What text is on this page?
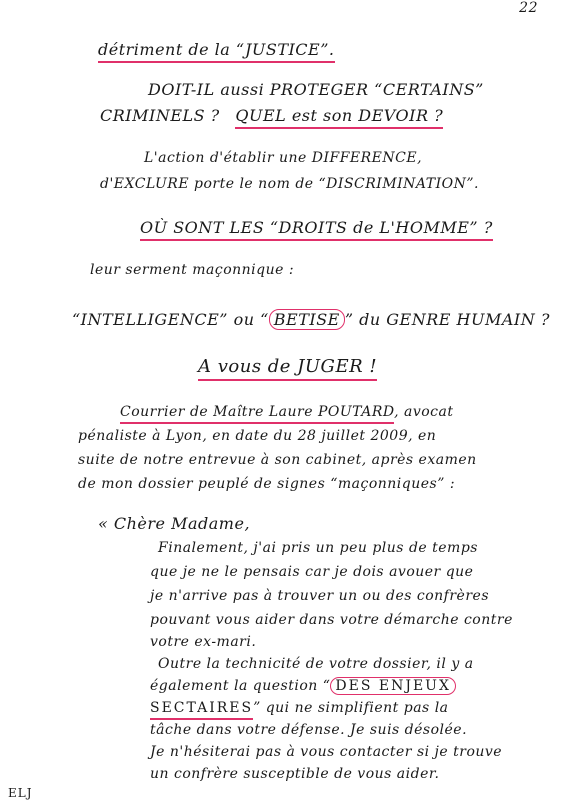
22
détriment de la “JUSTICE”.
DOIT-IL aussi PROTEGER “CERTAINS”
CRIMINELS ? QUEL est son DEVOIR ?
L'action d'établir une DIFFERENCE,
d'EXCLURE porte le nom de “DISCRIMINATION”.
OÙ SONT LES “DROITS de L'HOMME” ?
leur serment maçonnique :
“INTELLIGENCE” ou “ BETISE ” du GENRE HUMAIN ?
A vous de JUGER !
Courrier de Maître Laure POUTARD, avocat
pénaliste à Lyon, en date du 28 juillet 2009, en
suite de notre entrevue à son cabinet, après examen
de mon dossier peuplé de signes “maçonniques” :
« Chère Madame,
Finalement, j'ai pris un peu plus de temps
que je ne le pensais car je dois avouer que
je n'arrive pas à trouver un ou des confrères
pouvant vous aider dans votre démarche contre
votre ex-mari.
Outre la technicité de votre dossier, il y a
également la question “ DES ENJEUX
SECTAIRES” qui ne simplifient pas la
tâche dans votre défense. Je suis désolée.
Je n'hésiterai pas à vous contacter si je trouve
un confrère susceptible de vous aider.
ELJ
